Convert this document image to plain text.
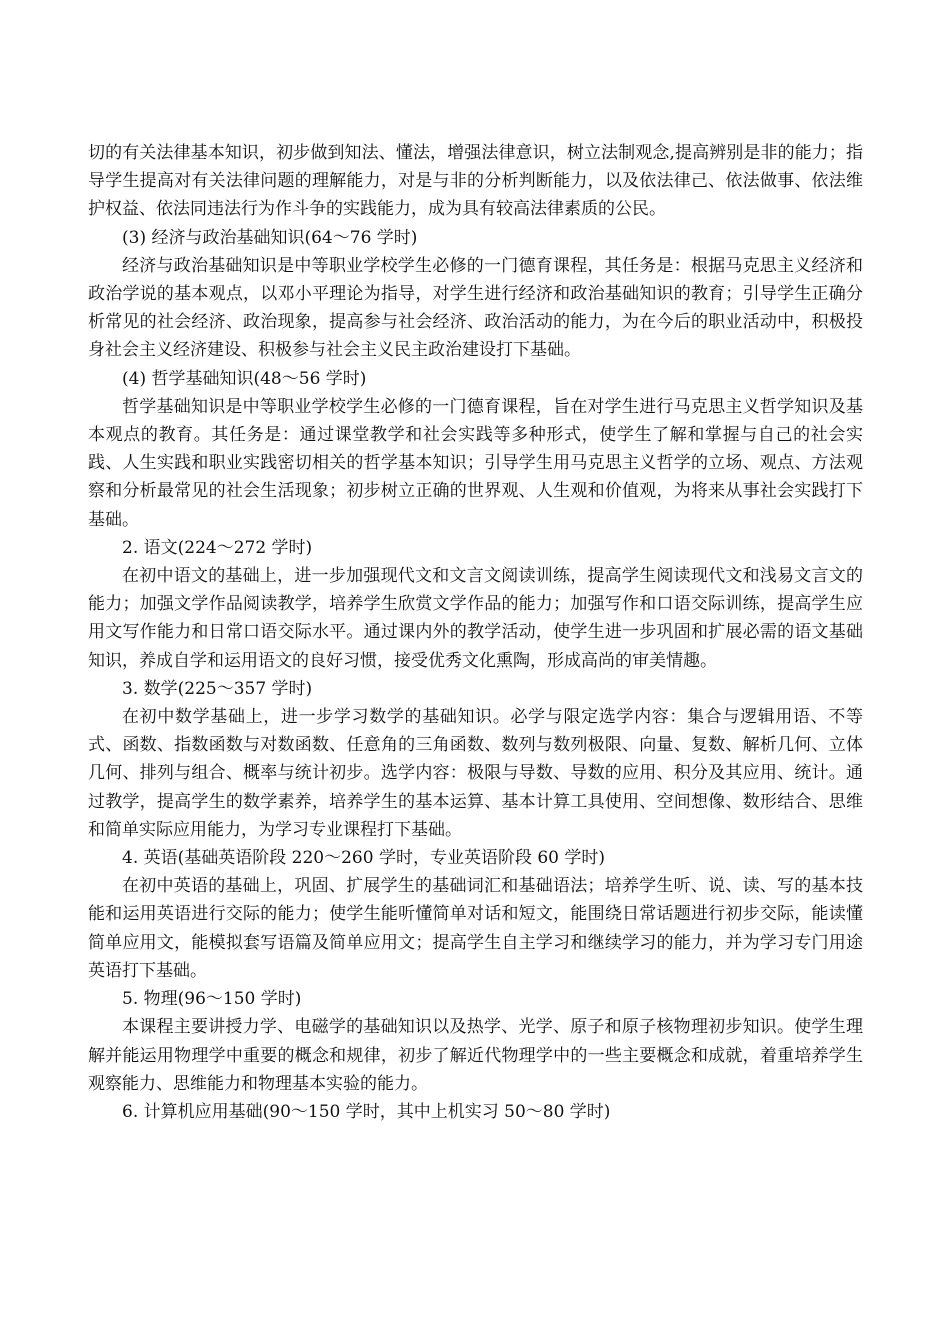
切的有关法律基本知识，初步做到知法、懂法，增强法律意识，树立法制观念,提高辨别是非的能力；指导学生提高对有关法律问题的理解能力，对是与非的分析判断能力，以及依法律己、依法做事、依法维护权益、依法同违法行为作斗争的实践能力，成为具有较高法律素质的公民。

(3) 经济与政治基础知识(64～76 学时)

经济与政治基础知识是中等职业学校学生必修的一门德育课程，其任务是：根据马克思主义经济和政治学说的基本观点，以邓小平理论为指导，对学生进行经济和政治基础知识的教育；引导学生正确分析常见的社会经济、政治现象，提高参与社会经济、政治活动的能力，为在今后的职业活动中，积极投身社会主义经济建设、积极参与社会主义民主政治建设打下基础。

(4) 哲学基础知识(48～56 学时)

哲学基础知识是中等职业学校学生必修的一门德育课程，旨在对学生进行马克思主义哲学知识及基本观点的教育。其任务是：通过课堂教学和社会实践等多种形式，使学生了解和掌握与自己的社会实践、人生实践和职业实践密切相关的哲学基本知识；引导学生用马克思主义哲学的立场、观点、方法观察和分析最常见的社会生活现象；初步树立正确的世界观、人生观和价值观，为将来从事社会实践打下基础。

2. 语文(224～272 学时)

在初中语文的基础上，进一步加强现代文和文言文阅读训练，提高学生阅读现代文和浅易文言文的能力；加强文学作品阅读教学，培养学生欣赏文学作品的能力；加强写作和口语交际训练，提高学生应用文写作能力和日常口语交际水平。通过课内外的教学活动，使学生进一步巩固和扩展必需的语文基础知识，养成自学和运用语文的良好习惯，接受优秀文化熏陶，形成高尚的审美情趣。

3. 数学(225～357 学时)

在初中数学基础上，进一步学习数学的基础知识。必学与限定选学内容：集合与逻辑用语、不等式、函数、指数函数与对数函数、任意角的三角函数、数列与数列极限、向量、复数、解析几何、立体几何、排列与组合、概率与统计初步。选学内容：极限与导数、导数的应用、积分及其应用、统计。通过教学，提高学生的数学素养，培养学生的基本运算、基本计算工具使用、空间想像、数形结合、思维和简单实际应用能力，为学习专业课程打下基础。

4. 英语(基础英语阶段 220～260 学时，专业英语阶段 60 学时)

在初中英语的基础上，巩固、扩展学生的基础词汇和基础语法；培养学生听、说、读、写的基本技能和运用英语进行交际的能力；使学生能听懂简单对话和短文，能围绕日常话题进行初步交际，能读懂简单应用文，能模拟套写语篇及简单应用文；提高学生自主学习和继续学习的能力，并为学习专门用途英语打下基础。

5. 物理(96～150 学时)

本课程主要讲授力学、电磁学的基础知识以及热学、光学、原子和原子核物理初步知识。使学生理解并能运用物理学中重要的概念和规律，初步了解近代物理学中的一些主要概念和成就，着重培养学生观察能力、思维能力和物理基本实验的能力。

6. 计算机应用基础(90～150 学时，其中上机实习 50～80 学时)
